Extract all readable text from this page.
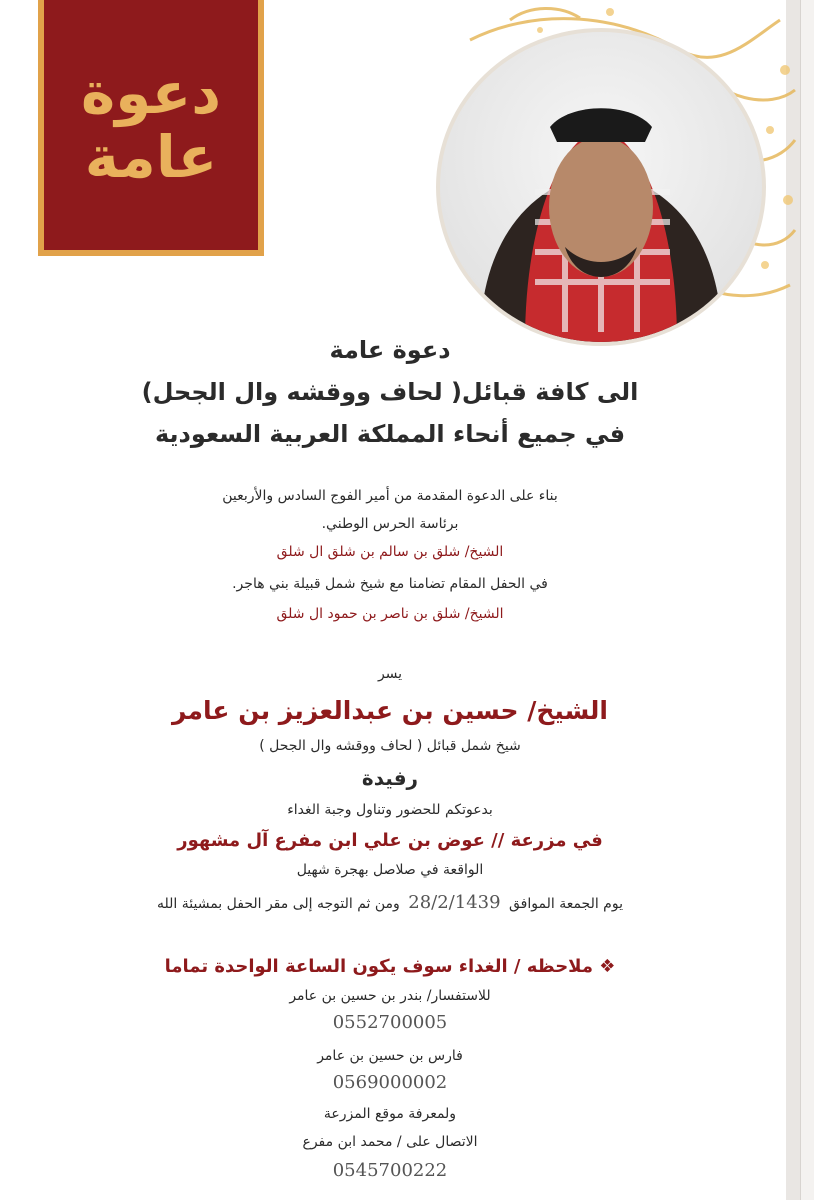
دعوة
عامة
دعوة عامة
الى كافة قبائل( لحاف ووقشه وال الجحل)
في جميع أنحاء المملكة العربية السعودية
بناء على الدعوة المقدمة من أمير الفوج السادس والأربعين
برئاسة الحرس الوطني.
الشيخ/ شلق بن سالم بن شلق ال شلق
في الحفل المقام تضامنا مع شيخ شمل قبيلة بني هاجر.
الشيخ/ شلق بن ناصر بن حمود ال شلق
يسر
الشيخ/ حسين بن عبدالعزيز بن عامر
شيخ شمل قبائل ( لحاف ووقشه وال الجحل )
رفيدة
بدعوتكم للحضور وتناول وجبة الغداء
في مزرعة // عوض بن علي ابن مفرع آل مشهور
الواقعة في صلاصل بهجرة شهيل
يوم الجمعة الموافق 28/2/1439 ومن ثم التوجه إلى مقر الحفل بمشيئة الله
❖ ملاحظه / الغداء سوف يكون الساعة الواحدة تماما
للاستفسار/ بندر بن حسين بن عامر
0552700005
فارس بن حسين بن عامر
0569000002
ولمعرفة موقع المزرعة
الاتصال على / محمد ابن مفرع
0545700222
